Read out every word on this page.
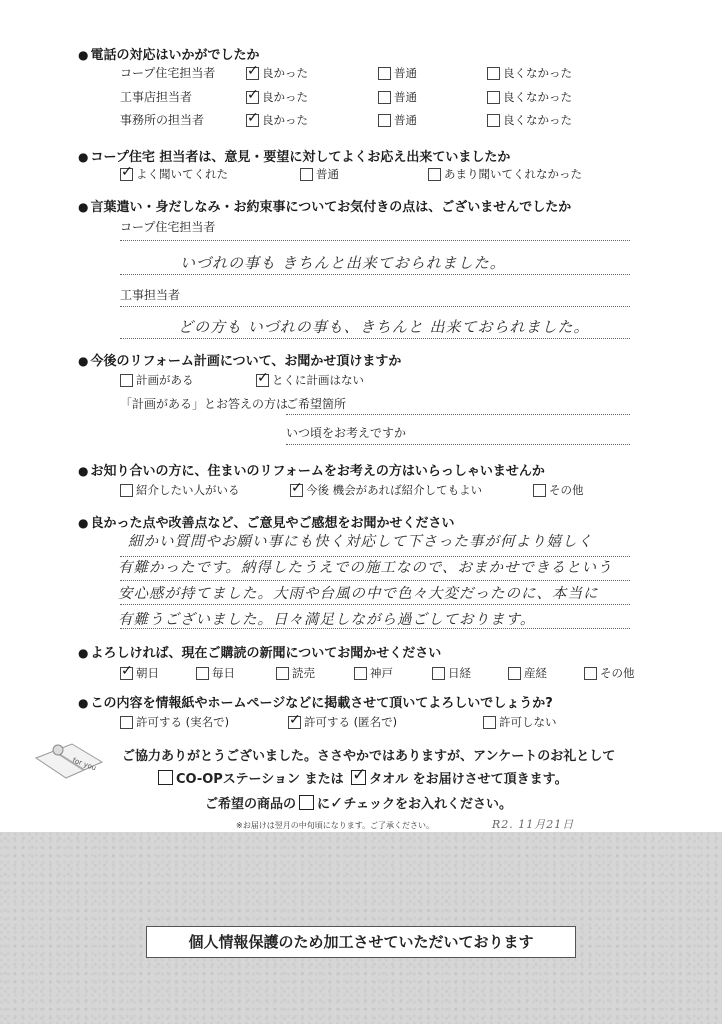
● 電話の対応はいかがでしたか
コープ住宅担当者 ✓	良かった	普通	良くなかった
工事店担当者 ✓	良かった	普通	良くなかった
事務所の担当者 ✓	良かった	普通	良くなかった
● コープ住宅 担当者は、意見・要望に対してよくお応え出来ていましたか
✓
よく聞いてくれた	普通	あまり聞いてくれなかった
● 言葉遣い・身だしなみ・お約束事についてお気付きの点は、ございませんでしたか
コープ住宅担当者
いづれの事も きちんと出来ておられました。
工事担当者
どの方も いづれの事も、きちんと 出来ておられました。
● 今後のリフォーム計画について、お聞かせ頂けますか
計画がある ✓	とくに計画はない
「計画がある」とお答えの方は
ご希望箇所
いつ頃をお考えですか
● お知り合いの方に、住まいのリフォームをお考えの方はいらっしゃいませんか
紹介したい人がいる ✓	今後 機会があれば紹介してもよい	その他
● 良かった点や改善点など、ご意見やご感想をお聞かせください
細かい質問やお願い事にも快く対応して下さった事が何より嬉しく
有難かったです。納得したうえでの施工なので、おまかせできるという
安心感が持てました。大雨や台風の中で色々大変だったのに、本当に
有難うございました。日々満足しながら過ごしております。
● よろしければ、現在ご購読の新聞についてお聞かせください
✓
朝日	毎日	読売	神戸	日経	産経	その他
● この内容を情報紙やホームページなどに掲載させて頂いてよろしいでしょうか?
許可する (実名で) ✓	許可する (匿名で)	許可しない
for you ご協力ありがとうございました。ささやかではありますが、アンケートのお礼として
CO-OPステーション または ✓ タオル をお届けさせて頂きます。
ご希望の商品の に✓チェックをお入れください。
※お届けは翌月の中旬頃になります。ご了承ください。	R2. 11月21日
個人情報保護のため加工させていただいております
